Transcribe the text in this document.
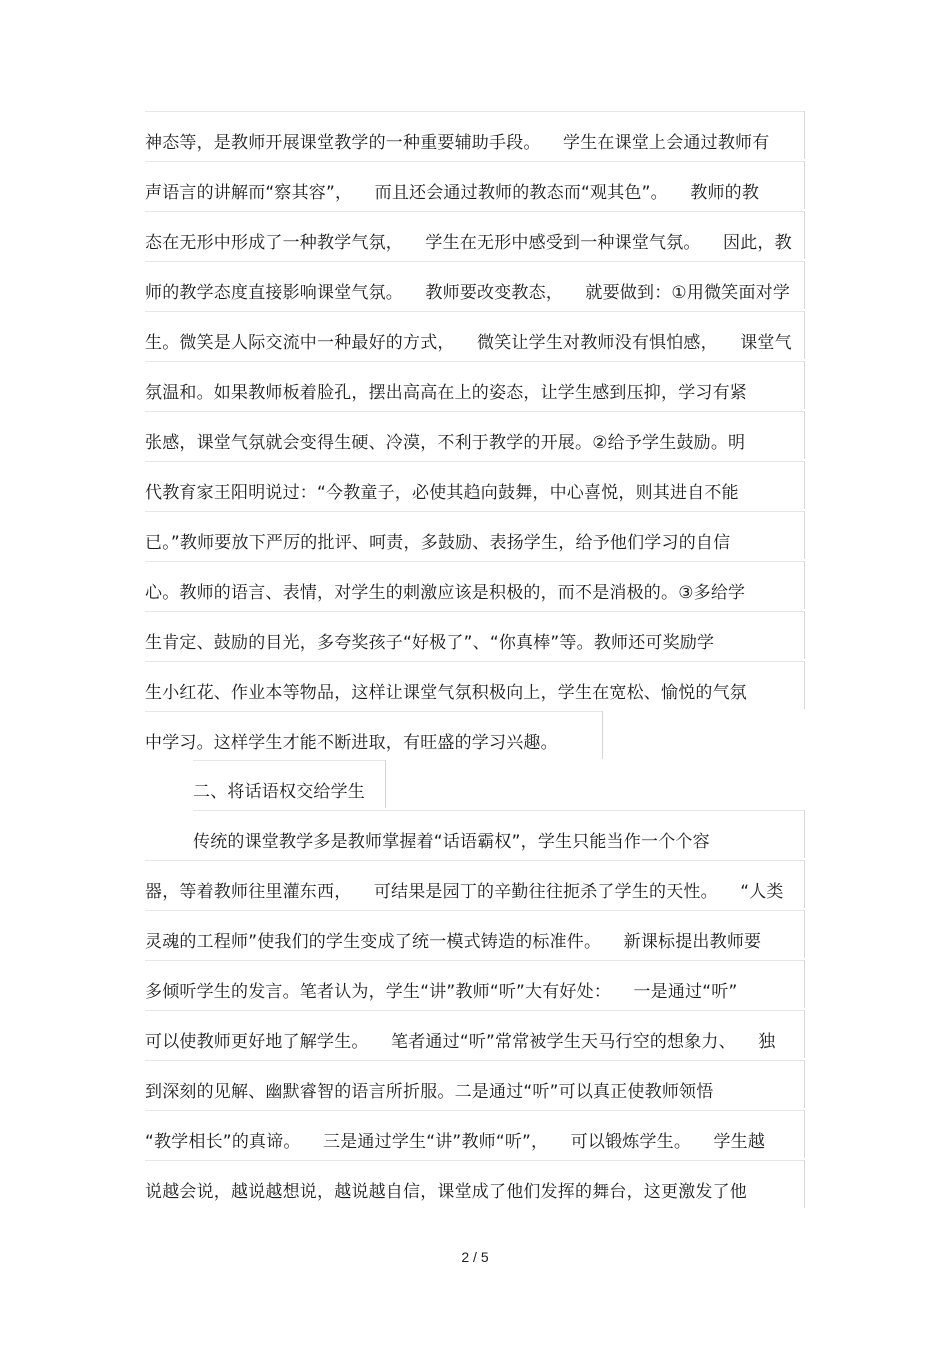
神态等，是教师开展课堂教学的一种重要辅助手段。    学生在课堂上会通过教师有
声语言的讲解而“察其容”，    而且还会通过教师的教态而“观其色”。    教师的教
态在无形中形成了一种教学气氛，    学生在无形中感受到一种课堂气氛。    因此，教
师的教学态度直接影响课堂气氛。    教师要改变教态，    就要做到：①用微笑面对学
生。微笑是人际交流中一种最好的方式，    微笑让学生对教师没有惧怕感，    课堂气
氛温和。如果教师板着脸孔，摆出高高在上的姿态，让学生感到压抑，学习有紧
张感，课堂气氛就会变得生硬、冷漠，不利于教学的开展。②给予学生鼓励。明
代教育家王阳明说过：“今教童子，必使其趋向鼓舞，中心喜悦，则其进自不能
已。”教师要放下严厉的批评、呵责，多鼓励、表扬学生，给予他们学习的自信
心。教师的语言、表情，对学生的刺激应该是积极的，而不是消极的。③多给学
生肯定、鼓励的目光，多夸奖孩子“好极了”、“你真棒”等。教师还可奖励学
生小红花、作业本等物品，这样让课堂气氛积极向上，学生在宽松、愉悦的气氛
中学习。这样学生才能不断进取，有旺盛的学习兴趣。
二、将话语权交给学生
传统的课堂教学多是教师掌握着“话语霸权”，学生只能当作一个个容
器，等着教师往里灌东西，    可结果是园丁的辛勤往往扼杀了学生的天性。    “人类
灵魂的工程师”使我们的学生变成了统一模式铸造的标准件。    新课标提出教师要
多倾听学生的发言。笔者认为，学生“讲”教师“听”大有好处：    一是通过“听”
可以使教师更好地了解学生。    笔者通过“听”常常被学生天马行空的想象力、    独
到深刻的见解、幽默睿智的语言所折服。二是通过“听”可以真正使教师领悟
“教学相长”的真谛。    三是通过学生“讲”教师“听”，    可以锻炼学生。    学生越
说越会说，越说越想说，越说越自信，课堂成了他们发挥的舞台，这更激发了他
2 / 5
